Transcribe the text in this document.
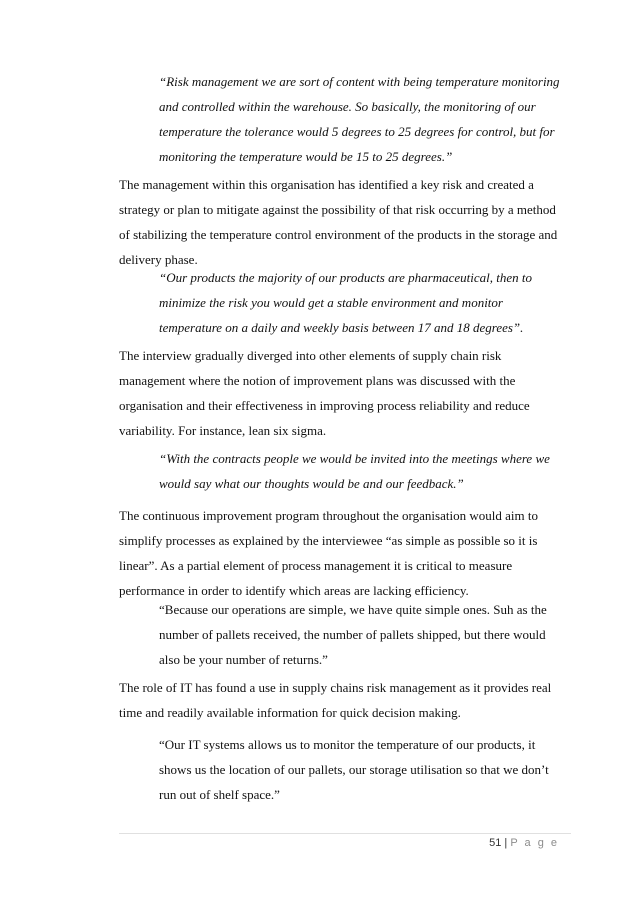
“Risk management we are sort of content with being temperature monitoring
and controlled within the warehouse. So basically, the monitoring of our
temperature the tolerance would 5 degrees to 25 degrees for control, but for
monitoring the temperature would be 15 to 25 degrees.”
The management within this organisation has identified a key risk and created a
strategy or plan to mitigate against the possibility of that risk occurring by a method
of stabilizing the temperature control environment of the products in the storage and
delivery phase.
“Our products the majority of our products are pharmaceutical, then to
minimize the risk you would get a stable environment and monitor
temperature on a daily and weekly basis between 17 and 18 degrees”.
The interview gradually diverged into other elements of supply chain risk
management where the notion of improvement plans was discussed with the
organisation and their effectiveness in improving process reliability and reduce
variability. For instance, lean six sigma.
“With the contracts people we would be invited into the meetings where we
would say what our thoughts would be and our feedback.”
The continuous improvement program throughout the organisation would aim to
simplify processes as explained by the interviewee “as simple as possible so it is
linear”. As a partial element of process management it is critical to measure
performance in order to identify which areas are lacking efficiency.
“Because our operations are simple, we have quite simple ones. Suh as the
number of pallets received, the number of pallets shipped, but there would
also be your number of returns.”
The role of IT has found a use in supply chains risk management as it provides real
time and readily available information for quick decision making.
“Our IT systems allows us to monitor the temperature of our products, it
shows us the location of our pallets, our storage utilisation so that we don’t
run out of shelf space.”
51 | P a g e
